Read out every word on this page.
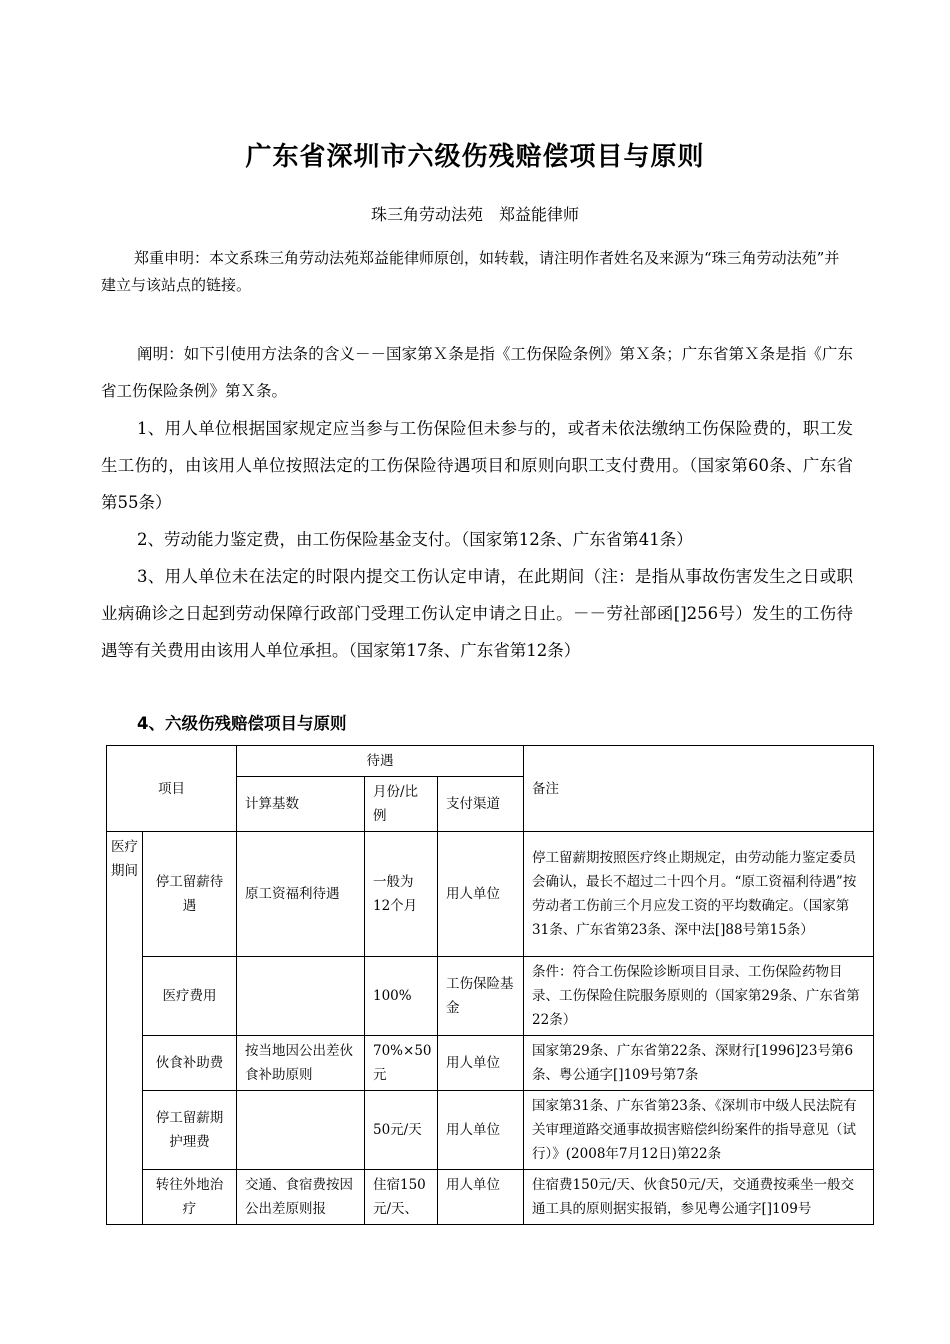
广东省深圳市六级伤残赔偿项目与原则
珠三角劳动法苑　郑益能律师
郑重申明：本文系珠三角劳动法苑郑益能律师原创，如转载，请注明作者姓名及来源为“珠三角劳动法苑”并建立与该站点的链接。

阐明：如下引使用方法条的含义－－国家第Ｘ条是指《工伤保险条例》第Ｘ条；广东省第Ｘ条是指《广东省工伤保险条例》第Ｘ条。

1、用人单位根据国家规定应当参与工伤保险但未参与的，或者未依法缴纳工伤保险费的，职工发生工伤的，由该用人单位按照法定的工伤保险待遇项目和原则向职工支付费用。（国家第60条、广东省第55条）

2、劳动能力鉴定费，由工伤保险基金支付。（国家第12条、广东省第41条）

3、用人单位未在法定的时限内提交工伤认定申请，在此期间（注：是指从事故伤害发生之日或职业病确诊之日起到劳动保障行政部门受理工伤认定申请之日止。－－劳社部函[]256号）发生的工伤待遇等有关费用由该用人单位承担。（国家第17条、广东省第12条）

4、六级伤残赔偿项目与原则
项目		待遇			备注
		计算基数	月份/比例	支付渠道	
医疗期间	停工留薪待遇	原工资福利待遇	一般为12个月	用人单位	停工留薪期按照医疗终止期规定，由劳动能力鉴定委员会确认，最长不超过二十四个月。“原工资福利待遇”按劳动者工伤前三个月应发工资的平均数确定。（国家第31条、广东省第23条、深中法[]88号第15条）
	医疗费用		100%	工伤保险基金	条件：符合工伤保险诊断项目目录、工伤保险药物目录、工伤保险住院服务原则的（国家第29条、广东省第22条）
	伙食补助费	按当地因公出差伙食补助原则	70%×50元	用人单位	国家第29条、广东省第22条、深财行[1996]23号第6条、粤公通字[]109号第7条
	停工留薪期护理费		50元/天	用人单位	国家第31条、广东省第23条、《深圳市中级人民法院有关审理道路交通事故损害赔偿纠纷案件的指导意见（试行）》(2008年7月12日)第22条
	转往外地治疗	交通、食宿费按因公出差原则报	住宿150元/天、	用人单位	住宿费150元/天、伙食50元/天，交通费按乘坐一般交通工具的原则据实报销，参见粤公通字[]109号
